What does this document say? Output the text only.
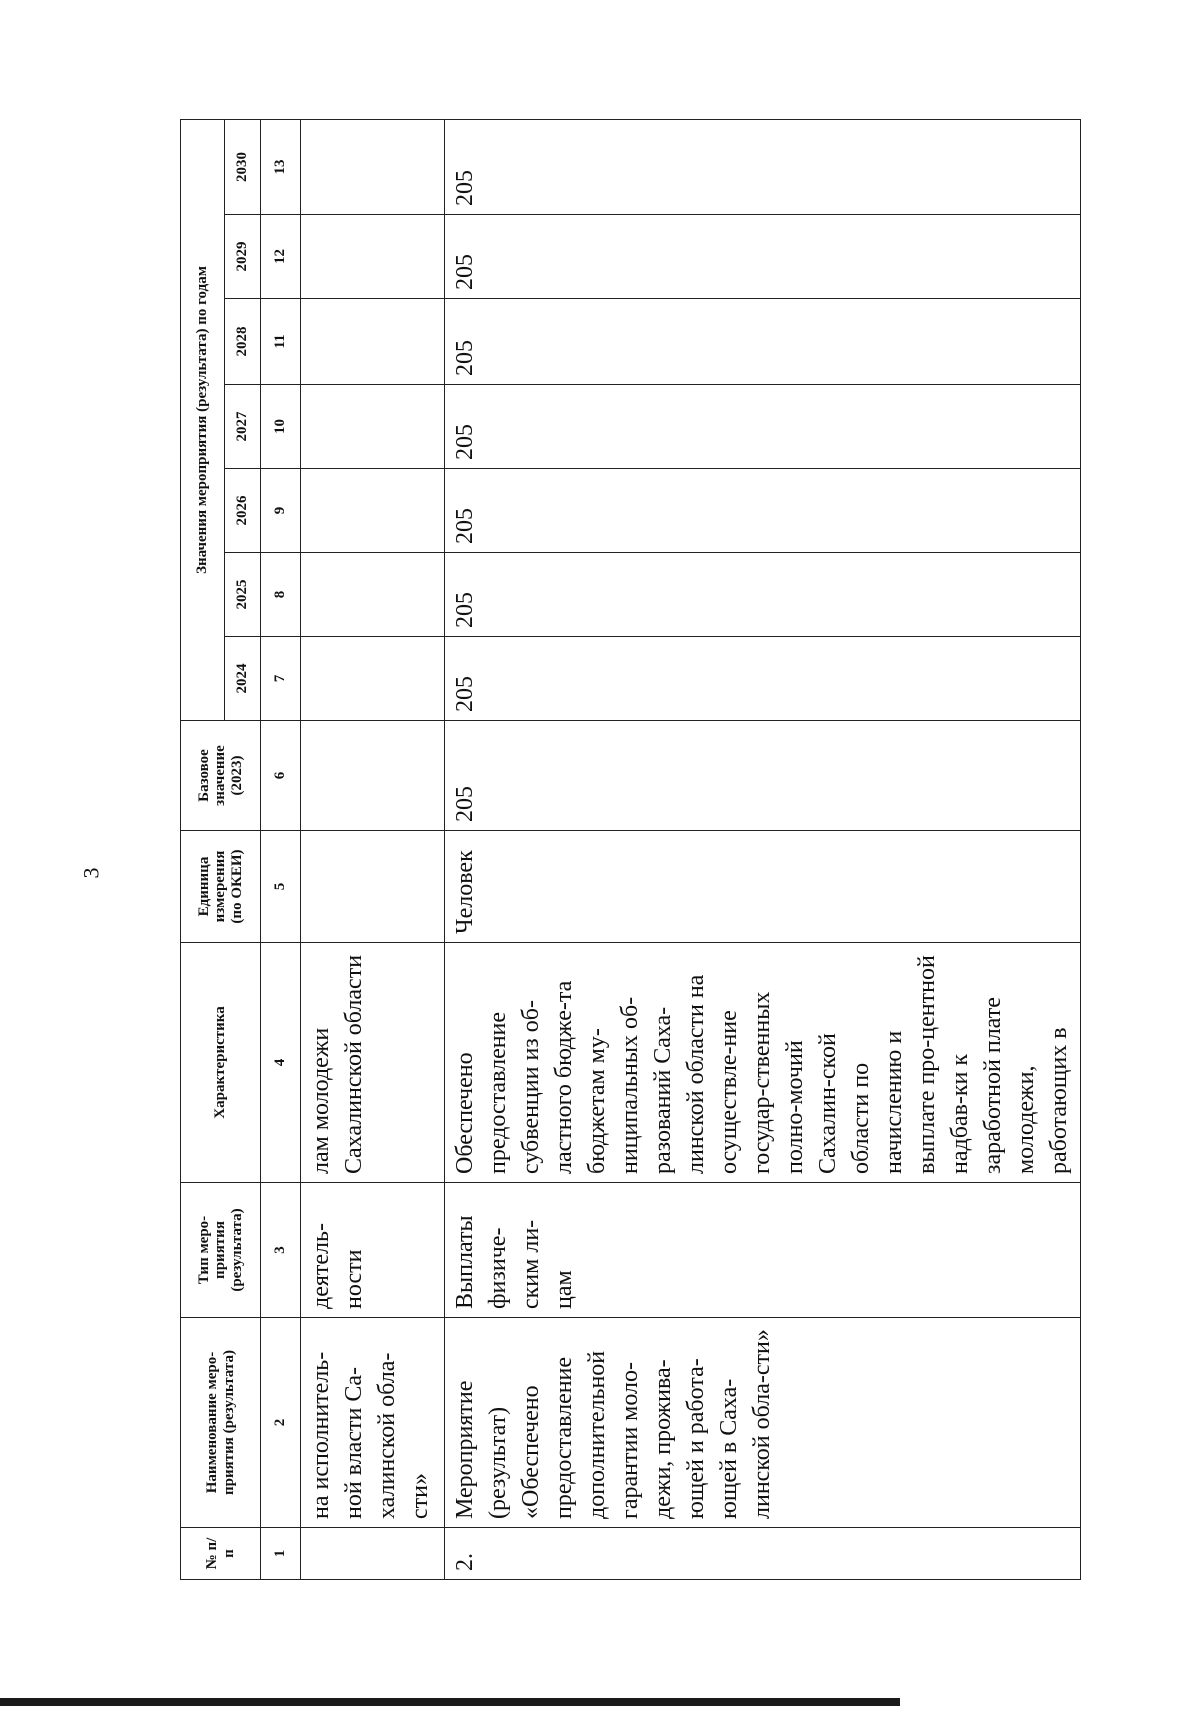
3
№ п/п	Наименование меро-приятия (результата)	Тип меро-приятия (результата)	Характеристика	Единица измерения (по ОКЕИ)	Базовое значение (2023)	Значения мероприятия (результата) по годам						
						2024	2025	2026	2027	2028	2029	2030
1	2	3	4	5	6	7	8	9	10	11	12	13
	на исполнитель-ной власти Са-халинской обла-сти»	деятель-ности	лам молодежи Сахалинской области									
2.	Мероприятие (результат) «Обеспечено предоставление дополнительной гарантии моло-дежи, прожива-ющей и работа-ющей в Саха-линской обла-сти»	Выплаты физиче-ским ли-цам	Обеспечено предоставление субвенции из об-ластного бюдже-та бюджетам му-ниципальных об-разований Саха-линской области на осуществле-ние государ-ственных полно-мочий Сахалин-ской области по начислению и выплате про-центной надбав-ки к заработной плате молодежи, работающих в	Человек	205	205	205	205	205	205	205	205
